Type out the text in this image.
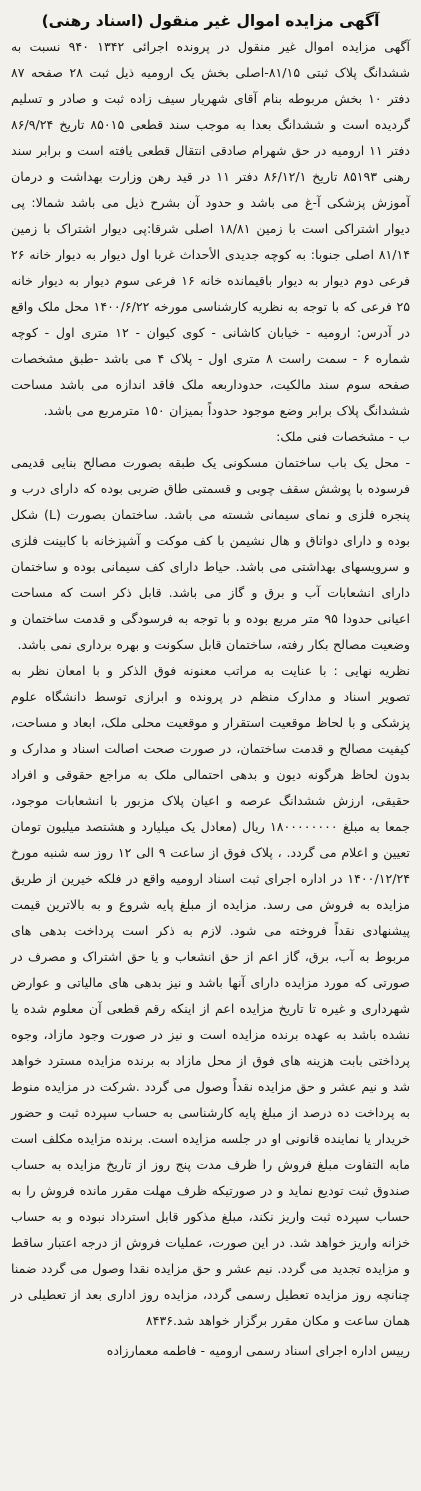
آگهی مزایده اموال غیر منقول (اسناد رهنی)

آگهی مزایده اموال غیر منقول در پرونده اجرائی ۱۳۴۲ ۹۴۰ نسبت به ششدانگ پلاک ثبتی ۸۱/۱۵-اصلی بخش یک ارومیه ذیل ثبت ۲۸ صفحه ۸۷ دفتر ۱۰ بخش مربوطه بنام آقای شهریار سیف زاده ثبت و صادر و تسلیم گردیده است و ششدانگ بعدا به موجب سند قطعی ۸۵۰۱۵ تاریخ ۸۶/۹/۲۴ دفتر ۱۱ ارومیه در حق شهرام صادقی انتقال قطعی یافته است و برابر سند رهنی ۸۵۱۹۳ تاریخ ۸۶/۱۲/۱ دفتر ۱۱ در قید رهن وزارت بهداشت و درمان آموزش پزشکی آ-غ می باشد و حدود آن بشرح ذیل می باشد شمالا: پی دیوار اشتراکی است با زمین ۱۸/۸۱ اصلی شرقا:پی دیوار اشتراک با زمین ۸۱/۱۴ اصلی جنوبا: به کوچه جدیدی الأحداث غربا اول دیوار به دیوار خانه ۲۶ فرعی دوم دیوار به دیوار باقیمانده خانه ۱۶ فرعی سوم دیوار به دیوار خانه ۲۵ فرعی که با توجه به نظریه کارشناسی مورخه ۱۴۰۰/۶/۲۲ محل ملک واقع در آدرس: ارومیه - خیابان کاشانی - کوی کیوان - ۱۲ متری اول - کوچه شماره ۶ - سمت راست ۸ متری اول - پلاک ۴ می باشد -طبق مشخصات صفحه سوم سند مالکیت، حدوداربعه ملک فاقد اندازه می باشد مساحت ششدانگ پلاک برابر وضع موجود حدوداً بمیزان ۱۵۰ مترمربع می باشد.

ب - مشخصات فنی ملک:

- محل یک باب ساختمان مسکونی یک طبقه بصورت مصالح بنایی قدیمی فرسوده با پوشش سقف چوبی و قسمتی طاق ضربی بوده که دارای درب و پنجره فلزی و نمای سیمانی شسته می باشد. ساختمان بصورت (L) شکل بوده و دارای دواتاق و هال نشیمن با کف موکت و آشپزخانه با کابینت فلزی و سرویسهای بهداشتی می باشد. حیاط دارای کف سیمانی بوده و ساختمان دارای انشعابات آب و برق و گاز می باشد. قابل ذکر است که مساحت اعیانی حدودا ۹۵ متر مربع بوده و با توجه به فرسودگی و قدمت ساختمان و وضعیت مصالح بکار رفته، ساختمان قابل سکونت و بهره برداری نمی باشد.

نظریه نهایی : با عنایت به مراتب معنونه فوق الذکر و با امعان نظر به تصویر اسناد و مدارک منظم در پرونده و ابرازی توسط دانشگاه علوم پزشکی و با لحاظ موقعیت استقرار و موقعیت محلی ملک، ابعاد و مساحت، کیفیت مصالح و قدمت ساختمان، در صورت صحت اصالت اسناد و مدارک و بدون لحاظ هرگونه دیون و بدهی احتمالی ملک به مراجع حقوقی و افراد حقیقی، ارزش ششدانگ عرصه و اعیان پلاک مزبور با انشعابات موجود، جمعا به مبلغ ۱۸۰۰۰۰۰۰۰۰ ریال (معادل یک میلیارد و هشتصد میلیون تومان تعیین و اعلام می گردد. ، پلاک فوق از ساعت ۹ الی ۱۲ روز سه شنبه مورخ ۱۴۰۰/۱۲/۲۴ در اداره اجرای ثبت اسناد ارومیه واقع در فلکه خیرین از طریق مزایده به فروش می رسد. مزایده از مبلغ پایه شروع و به بالاترین قیمت پیشنهادی نقداً فروخته می شود. لازم به ذکر است پرداخت بدهی های مربوط به آب، برق، گاز اعم از حق انشعاب و یا حق اشتراک و مصرف در صورتی که مورد مزایده دارای آنها باشد و نیز بدهی های مالیاتی و عوارض شهرداری و غیره تا تاریخ مزایده اعم از اینکه رقم قطعی آن معلوم شده یا نشده باشد به عهده برنده مزایده است و نیز در صورت وجود مازاد، وجوه پرداختی بابت هزینه های فوق از محل مازاد به برنده مزایده مسترد خواهد شد و نیم عشر و حق مزایده نقداً وصول می گردد .شرکت در مزایده منوط به پرداخت ده درصد از مبلغ پایه کارشناسی به حساب سپرده ثبت و حضور خریدار یا نماینده قانونی او در جلسه مزایده است. برنده مزایده مکلف است مابه التفاوت مبلغ فروش را ظرف مدت پنج روز از تاریخ مزایده به حساب صندوق ثبت تودیع نماید و در صورتیکه ظرف مهلت مقرر مانده فروش را به حساب سپرده ثبت واریز نکند، مبلغ مذکور قابل استرداد نبوده و به حساب خزانه واریز خواهد شد. در این صورت، عملیات فروش از درجه اعتبار ساقط و مزایده تجدید می گردد. نیم عشر و حق مزایده نقدا وصول می گردد ضمنا چنانچه روز مزایده تعطیل رسمی گردد، مزایده روز اداری بعد از تعطیلی در همان ساعت و مکان مقرر برگزار خواهد شد.۸۴۳۶

رییس اداره اجرای اسناد رسمی ارومیه - فاطمه معمارزاده
